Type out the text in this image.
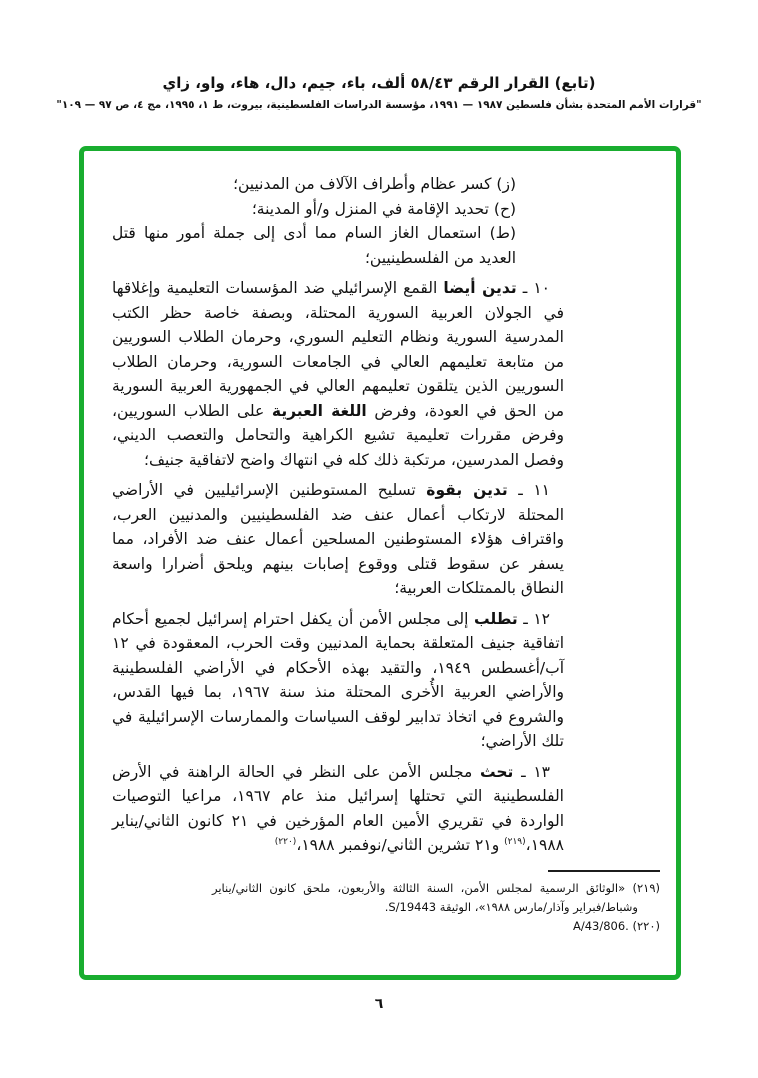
(تابع) القرار الرقم ٥٨/٤٣ ألف، باء، جيم، دال، هاء، واو، زاي
"قرارات الأمم المتحدة بشأن فلسطين ١٩٨٧ — ١٩٩١، مؤسسة الدراسات الفلسطينية، بيروت، ط ١، ١٩٩٥، مج ٤، ص ٩٧ — ١٠٩"

(ز) كسر عظام وأطراف الآلاف من المدنيين؛

(ح) تحديد الإقامة في المنزل و/أو المدينة؛

(ط) استعمال الغاز السام مما أدى إلى جملة أمور منها قتل العديد من الفلسطينيين؛

١٠ ـ تدين أيضا القمع الإسرائيلي ضد المؤسسات التعليمية وإغلاقها في الجولان العربية السورية المحتلة، وبصفة خاصة حظر الكتب المدرسية السورية ونظام التعليم السوري، وحرمان الطلاب السوريين من متابعة تعليمهم العالي في الجامعات السورية، وحرمان الطلاب السوريين الذين يتلقون تعليمهم العالي في الجمهورية العربية السورية من الحق في العودة، وفرض اللغة العبرية على الطلاب السوريين، وفرض مقررات تعليمية تشيع الكراهية والتحامل والتعصب الديني، وفصل المدرسين، مرتكبة ذلك كله في انتهاك واضح لاتفاقية جنيف؛

١١ ـ تدين بقوة تسليح المستوطنين الإسرائيليين في الأراضي المحتلة لارتكاب أعمال عنف ضد الفلسطينيين والمدنيين العرب، واقتراف هؤلاء المستوطنين المسلحين أعمال عنف ضد الأفراد، مما يسفر عن سقوط قتلى ووقوع إصابات بينهم ويلحق أضرارا واسعة النطاق بالممتلكات العربية؛

١٢ ـ تطلب إلى مجلس الأمن أن يكفل احترام إسرائيل لجميع أحكام اتفاقية جنيف المتعلقة بحماية المدنيين وقت الحرب، المعقودة في ١٢ آب/أغسطس ١٩٤٩، والتقيد بهذه الأحكام في الأراضي الفلسطينية والأراضي العربية الأُخرى المحتلة منذ سنة ١٩٦٧، بما فيها القدس، والشروع في اتخاذ تدابير لوقف السياسات والممارسات الإسرائيلية في تلك الأراضي؛

١٣ ـ تحث مجلس الأمن على النظر في الحالة الراهنة في الأرض الفلسطينية التي تحتلها إسرائيل منذ عام ١٩٦٧، مراعيا التوصيات الواردة في تقريري الأمين العام المؤرخين في ٢١ كانون الثاني/يناير ١٩٨٨،$^{(٢١٩)}$ و٢١ تشرين الثاني/نوفمبر ١٩٨٨،$^{(٢٢٠)}$

(٢١٩) «الوثائق الرسمية لمجلس الأمن، السنة الثالثة والأربعون، ملحق كانون الثاني/يناير وشباط/فبراير وآذار/مارس ١٩٨٨»، الوثيقة S/19443.

(٢٢٠) A/43/806.

٦
